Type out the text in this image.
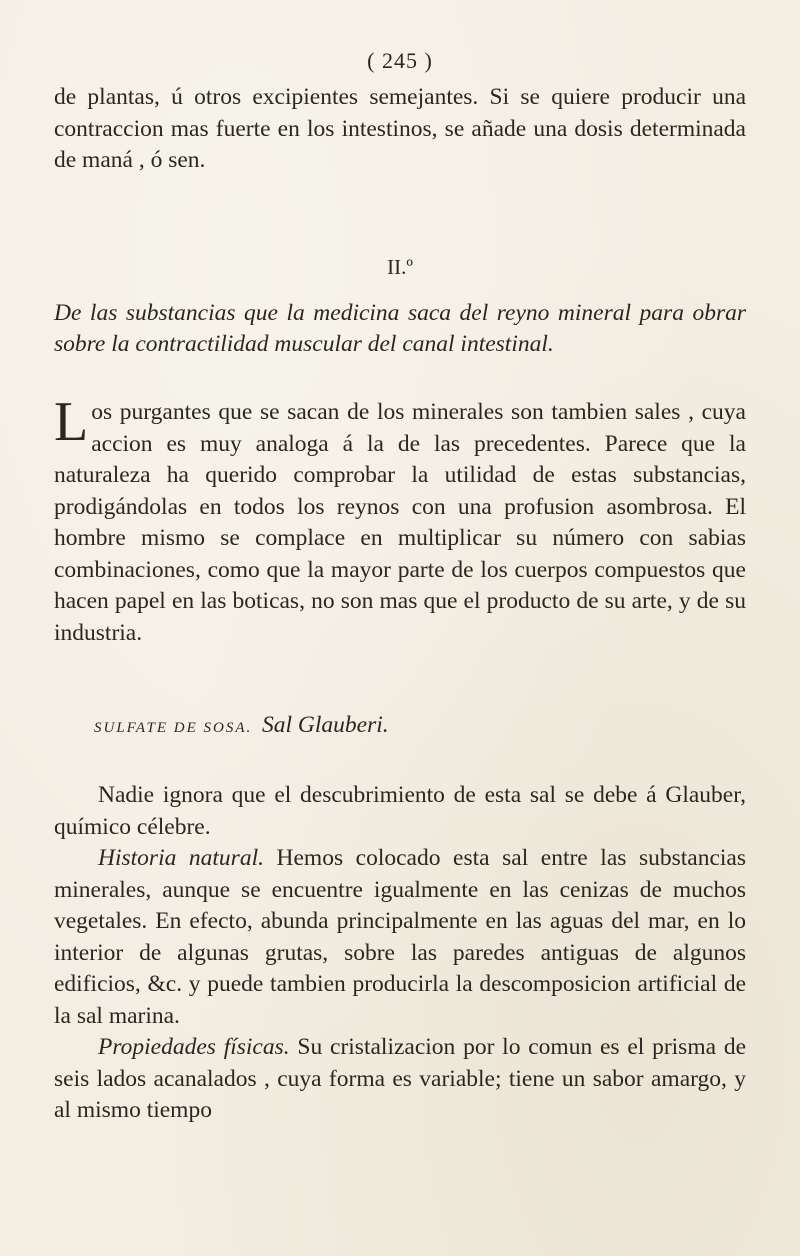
( 245 )

de plantas, ú otros excipientes semejantes. Si se quiere producir una contraccion mas fuerte en los intestinos, se añade una dosis determinada de maná , ó sen.

II.º

De las substancias que la medicina saca del reyno mineral para obrar sobre la contractilidad muscular del canal intestinal.

Los purgantes que se sacan de los minerales son tambien sales , cuya accion es muy analoga á la de las precedentes. Parece que la naturaleza ha querido comprobar la utilidad de estas substancias, prodigándolas en todos los reynos con una profusion asombrosa. El hombre mismo se complace en multiplicar su número con sabias combinaciones, como que la mayor parte de los cuerpos compuestos que hacen papel en las boticas, no son mas que el producto de su arte, y de su industria.

SULFATE DE SOSA. Sal Glauberi.

Nadie ignora que el descubrimiento de esta sal se debe á Glauber, químico célebre.

Historia natural. Hemos colocado esta sal entre las substancias minerales, aunque se encuentre igualmente en las cenizas de muchos vegetales. En efecto, abunda principalmente en las aguas del mar, en lo interior de algunas grutas, sobre las paredes antiguas de algunos edificios, &c. y puede tambien producirla la descomposicion artificial de la sal marina.

Propiedades físicas. Su cristalizacion por lo comun es el prisma de seis lados acanalados , cuya forma es variable; tiene un sabor amargo, y al mismo tiempo
